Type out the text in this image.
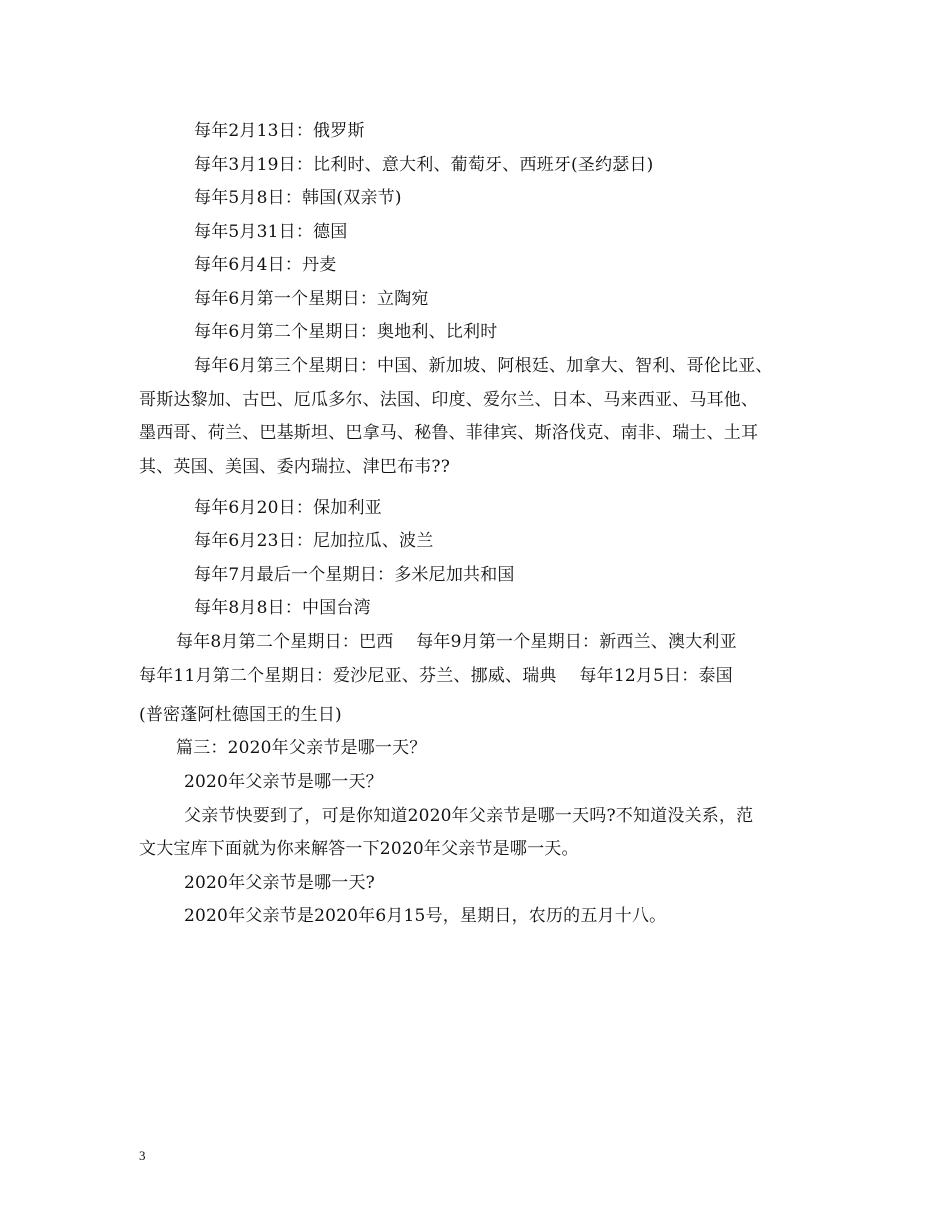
每年2月13日：俄罗斯
每年3月19日：比利时、意大利、葡萄牙、西班牙(圣约瑟日)
每年5月8日：韩国(双亲节)
每年5月31日：德国
每年6月4日：丹麦
每年6月第一个星期日：立陶宛
每年6月第二个星期日：奥地利、比利时
每年6月第三个星期日：中国、新加坡、阿根廷、加拿大、智利、哥伦比亚、
哥斯达黎加、古巴、厄瓜多尔、法国、印度、爱尔兰、日本、马来西亚、马耳他、
墨西哥、荷兰、巴基斯坦、巴拿马、秘鲁、菲律宾、斯洛伐克、南非、瑞士、土耳
其、英国、美国、委内瑞拉、津巴布韦??
每年6月20日：保加利亚
每年6月23日：尼加拉瓜、波兰
每年7月最后一个星期日：多米尼加共和国
每年8月8日：中国台湾
每年8月第二个星期日：巴西　 每年9月第一个星期日：新西兰、澳大利亚
每年11月第二个星期日：爱沙尼亚、芬兰、挪威、瑞典　 每年12月5日：泰国
(普密蓬阿杜德国王的生日)
篇三：2020年父亲节是哪一天？
2020年父亲节是哪一天？
父亲节快要到了，可是你知道2020年父亲节是哪一天吗?不知道没关系，范
文大宝库下面就为你来解答一下2020年父亲节是哪一天。
2020年父亲节是哪一天?
2020年父亲节是2020年6月15号，星期日，农历的五月十八。
3
